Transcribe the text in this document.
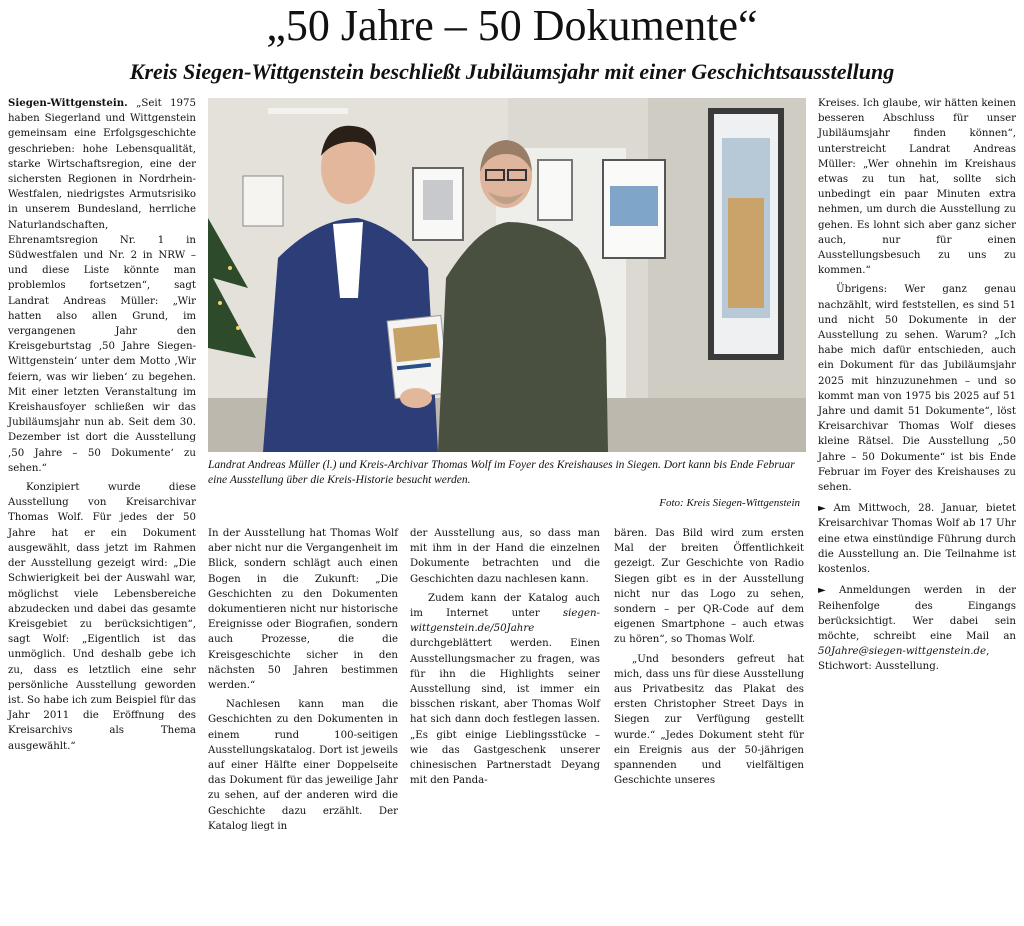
„50 Jahre – 50 Dokumente“
Kreis Siegen-Wittgenstein beschließt Jubiläumsjahr mit einer Geschichtsausstellung

Siegen-Wittgenstein. „Seit 1975 haben Siegerland und Wittgenstein gemeinsam eine Erfolgsgeschichte geschrieben: hohe Lebensqualität, starke Wirtschaftsregion, eine der sichersten Regionen in Nordrhein-Westfalen, niedrigstes Armutsrisiko in unserem Bundesland, herrliche Naturlandschaften, Ehrenamtsregion Nr. 1 in Südwestfalen und Nr. 2 in NRW – und diese Liste könnte man problemlos fortsetzen“, sagt Landrat Andreas Müller: „Wir hatten also allen Grund, im vergangenen Jahr den Kreisgeburtstag ‚50 Jahre Siegen-Wittgenstein‘ unter dem Motto ‚Wir feiern, was wir lieben‘ zu begehen. Mit einer letzten Veranstaltung im Kreishausfoyer schließen wir das Jubiläumsjahr nun ab. Seit dem 30. Dezember ist dort die Ausstellung ‚50 Jahre – 50 Dokumente‘ zu sehen.“

Konzipiert wurde diese Ausstellung von Kreisarchivar Thomas Wolf. Für jedes der 50 Jahre hat er ein Dokument ausgewählt, dass jetzt im Rahmen der Ausstellung gezeigt wird: „Die Schwierigkeit bei der Auswahl war, möglichst viele Lebensbereiche abzudecken und dabei das gesamte Kreisgebiet zu berücksichtigen“, sagt Wolf: „Eigentlich ist das unmöglich. Und deshalb gebe ich zu, dass es letztlich eine sehr persönliche Ausstellung geworden ist. So habe ich zum Beispiel für das Jahr 2011 die Eröffnung des Kreisarchivs als Thema ausgewählt.“

Landrat Andreas Müller (l.) und Kreis-Archivar Thomas Wolf im Foyer des Kreishauses in Siegen. Dort kann bis Ende Februar eine Ausstellung über die Kreis-Historie besucht werden.
Foto: Kreis Siegen-Wittgenstein

In der Ausstellung hat Thomas Wolf aber nicht nur die Vergangenheit im Blick, sondern schlägt auch einen Bogen in die Zukunft: „Die Geschichten zu den Dokumenten dokumentieren nicht nur historische Ereignisse oder Biografien, sondern auch Prozesse, die die Kreisgeschichte sicher in den nächsten 50 Jahren bestimmen werden.“

Nachlesen kann man die Geschichten zu den Dokumenten in einem rund 100-seitigen Ausstellungskatalog. Dort ist jeweils auf einer Hälfte einer Doppelseite das Dokument für das jeweilige Jahr zu sehen, auf der anderen wird die Geschichte dazu erzählt. Der Katalog liegt in

der Ausstellung aus, so dass man mit ihm in der Hand die einzelnen Dokumente betrachten und die Geschichten dazu nachlesen kann.

Zudem kann der Katalog auch im Internet unter siegen-wittgenstein.de/50Jahre durchgeblättert werden. Einen Ausstellungsmacher zu fragen, was für ihn die Highlights seiner Ausstellung sind, ist immer ein bisschen riskant, aber Thomas Wolf hat sich dann doch festlegen lassen. „Es gibt einige Lieblingsstücke – wie das Gastgeschenk unserer chinesischen Partnerstadt Deyang mit den Panda-

bären. Das Bild wird zum ersten Mal der breiten Öffentlichkeit gezeigt. Zur Geschichte von Radio Siegen gibt es in der Ausstellung nicht nur das Logo zu sehen, sondern – per QR-Code auf dem eigenen Smartphone – auch etwas zu hören“, so Thomas Wolf.

„Und besonders gefreut hat mich, dass uns für diese Ausstellung aus Privatbesitz das Plakat des ersten Christopher Street Days in Siegen zur Verfügung gestellt wurde.“ „Jedes Dokument steht für ein Ereignis aus der 50-jährigen spannenden und vielfältigen Geschichte unseres

Kreises. Ich glaube, wir hätten keinen besseren Abschluss für unser Jubiläumsjahr finden können“, unterstreicht Landrat Andreas Müller: „Wer ohnehin im Kreishaus etwas zu tun hat, sollte sich unbedingt ein paar Minuten extra nehmen, um durch die Ausstellung zu gehen. Es lohnt sich aber ganz sicher auch, nur für einen Ausstellungsbesuch zu uns zu kommen.“

Übrigens: Wer ganz genau nachzählt, wird feststellen, es sind 51 und nicht 50 Dokumente in der Ausstellung zu sehen. Warum? „Ich habe mich dafür entschieden, auch ein Dokument für das Jubiläumsjahr 2025 mit hinzuzunehmen – und so kommt man von 1975 bis 2025 auf 51 Jahre und damit 51 Dokumente“, löst Kreisarchivar Thomas Wolf dieses kleine Rätsel. Die Ausstellung „50 Jahre – 50 Dokumente“ ist bis Ende Februar im Foyer des Kreishauses zu sehen.

► Am Mittwoch, 28. Januar, bietet Kreisarchivar Thomas Wolf ab 17 Uhr eine etwa einstündige Führung durch die Ausstellung an. Die Teilnahme ist kostenlos.

► Anmeldungen werden in der Reihenfolge des Eingangs berücksichtigt. Wer dabei sein möchte, schreibt eine Mail an 50Jahre@siegen-wittgenstein.de, Stichwort: Ausstellung.
